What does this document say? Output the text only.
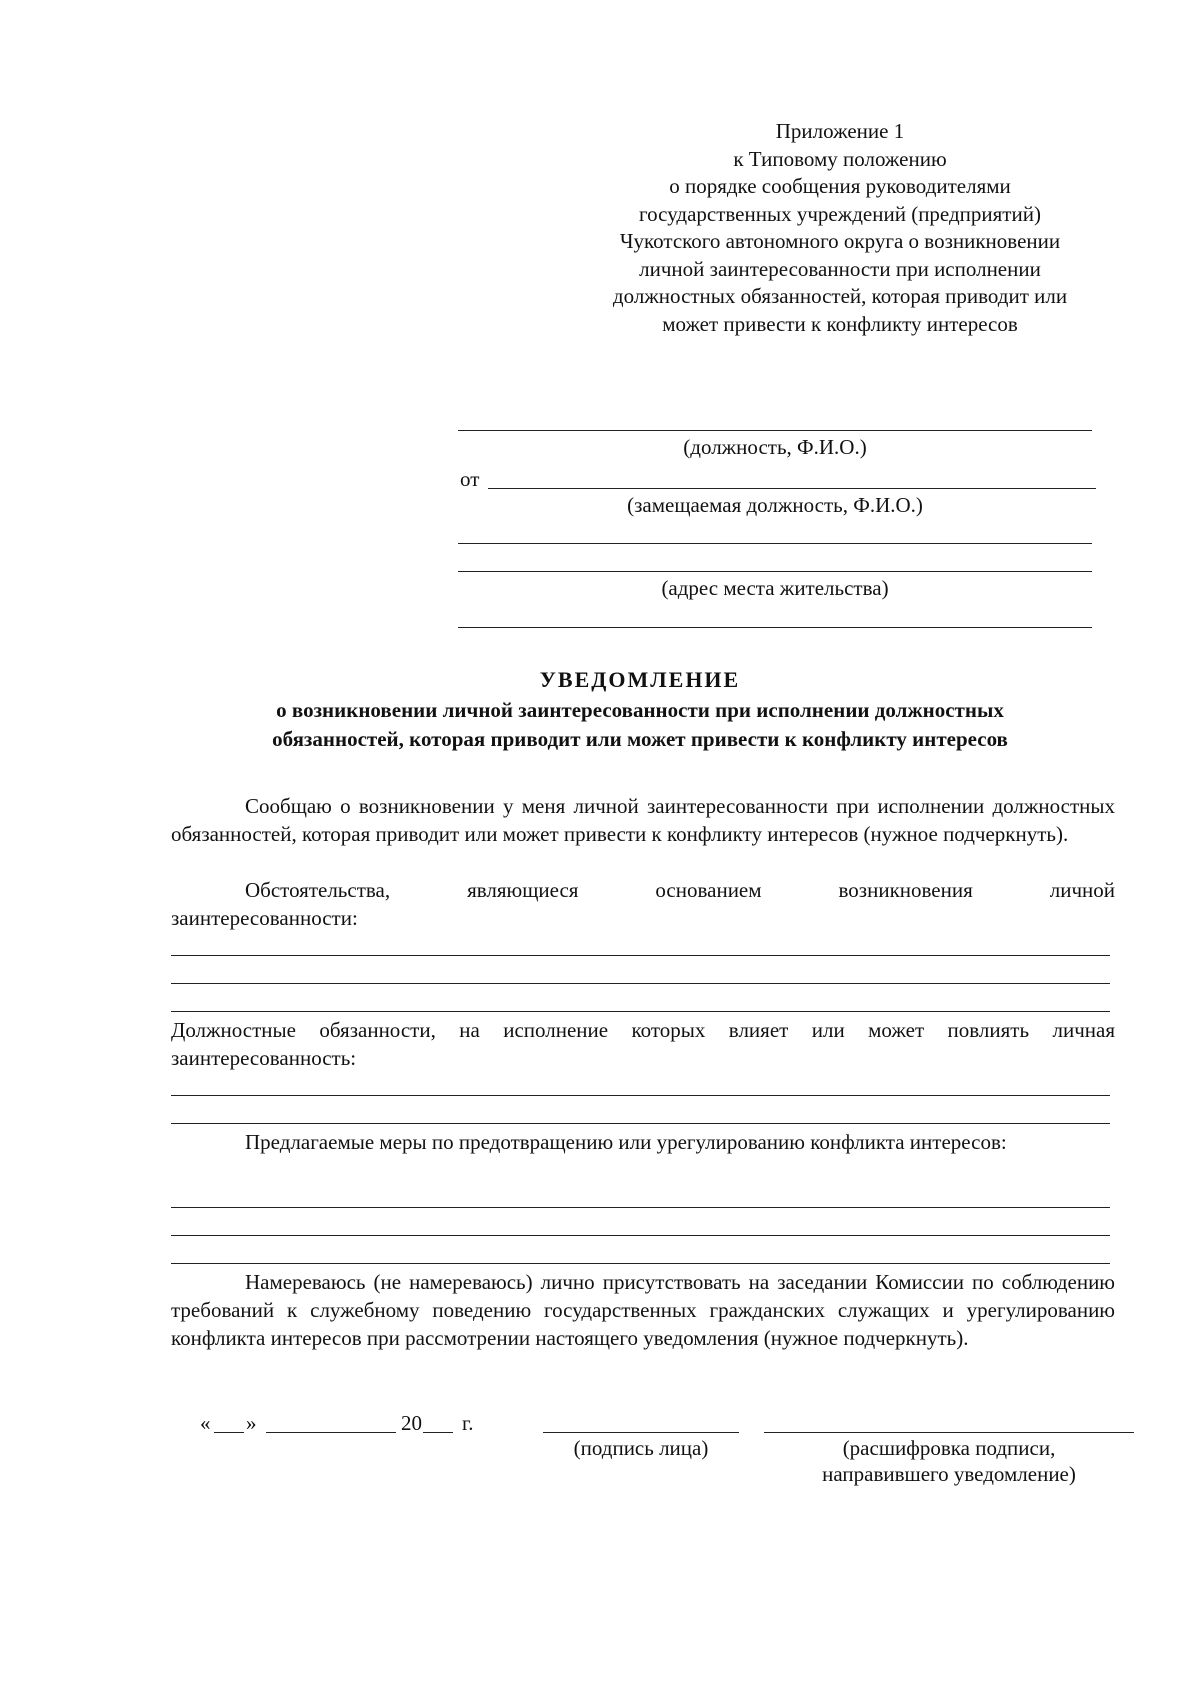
Приложение 1
к Типовому положению
о порядке сообщения руководителями
государственных учреждений (предприятий)
Чукотского автономного округа о возникновении
личной заинтересованности при исполнении
должностных обязанностей, которая приводит или
может привести к конфликту интересов
(должность, Ф.И.О.)
от
(замещаемая должность, Ф.И.О.)
(адрес места жительства)
УВЕДОМЛЕНИЕ
о возникновении личной заинтересованности при исполнении должностных
обязанностей, которая приводит или может привести к конфликту интересов
Сообщаю о возникновении у меня личной заинтересованности при исполнении должностных обязанностей, которая приводит или может привести к конфликту интересов (нужное подчеркнуть).
Обстоятельства, являющиеся основанием возникновения личной
заинтересованности:
Должностные обязанности, на исполнение которых влияет или может повлиять личная заинтересованность:
Предлагаемые меры по предотвращению или урегулированию конфликта интересов:
Намереваюсь (не намереваюсь) лично присутствовать на заседании Комиссии по соблюдению требований к служебному поведению государственных гражданских служащих и урегулированию конфликта интересов при рассмотрении настоящего уведомления (нужное подчеркнуть).
« »	20 г.
(подпись лица)	(расшифровка подписи,
направившего уведомление)
